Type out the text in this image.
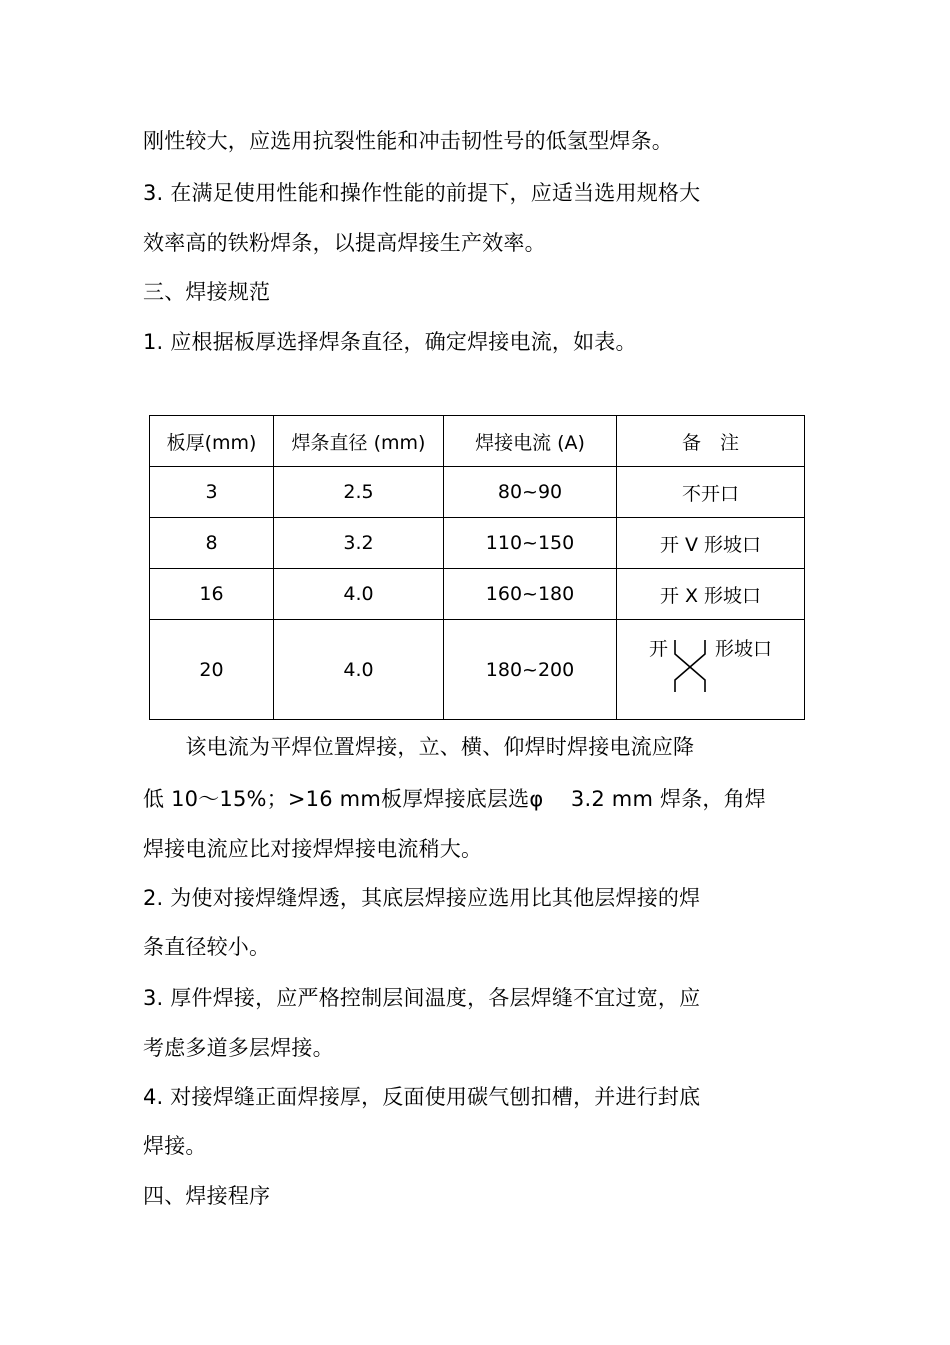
刚性较大，应选用抗裂性能和冲击韧性号的低氢型焊条。
3. 在满足使用性能和操作性能的前提下，应适当选用规格大
效率高的铁粉焊条，以提高焊接生产效率。
三、焊接规范
1. 应根据板厚选择焊条直径，确定焊接电流，如表。
板厚(mm)	焊条直径 (mm)	焊接电流 (A)	备　注
3	2.5	80~90	不开口
8	3.2	110~150	开 V 形坡口
16	4.0	160~180	开 X 形坡口
20	4.0	180~200	开 形坡口
　　该电流为平焊位置焊接，立、横、仰焊时焊接电流应降
低 10～15%；>16 mm板厚焊接底层选φ    3.2 mm 焊条，角焊
焊接电流应比对接焊焊接电流稍大。
2. 为使对接焊缝焊透，其底层焊接应选用比其他层焊接的焊
条直径较小。
3. 厚件焊接，应严格控制层间温度，各层焊缝不宜过宽，应
考虑多道多层焊接。
4. 对接焊缝正面焊接厚，反面使用碳气刨扣槽，并进行封底
焊接。
四、焊接程序
